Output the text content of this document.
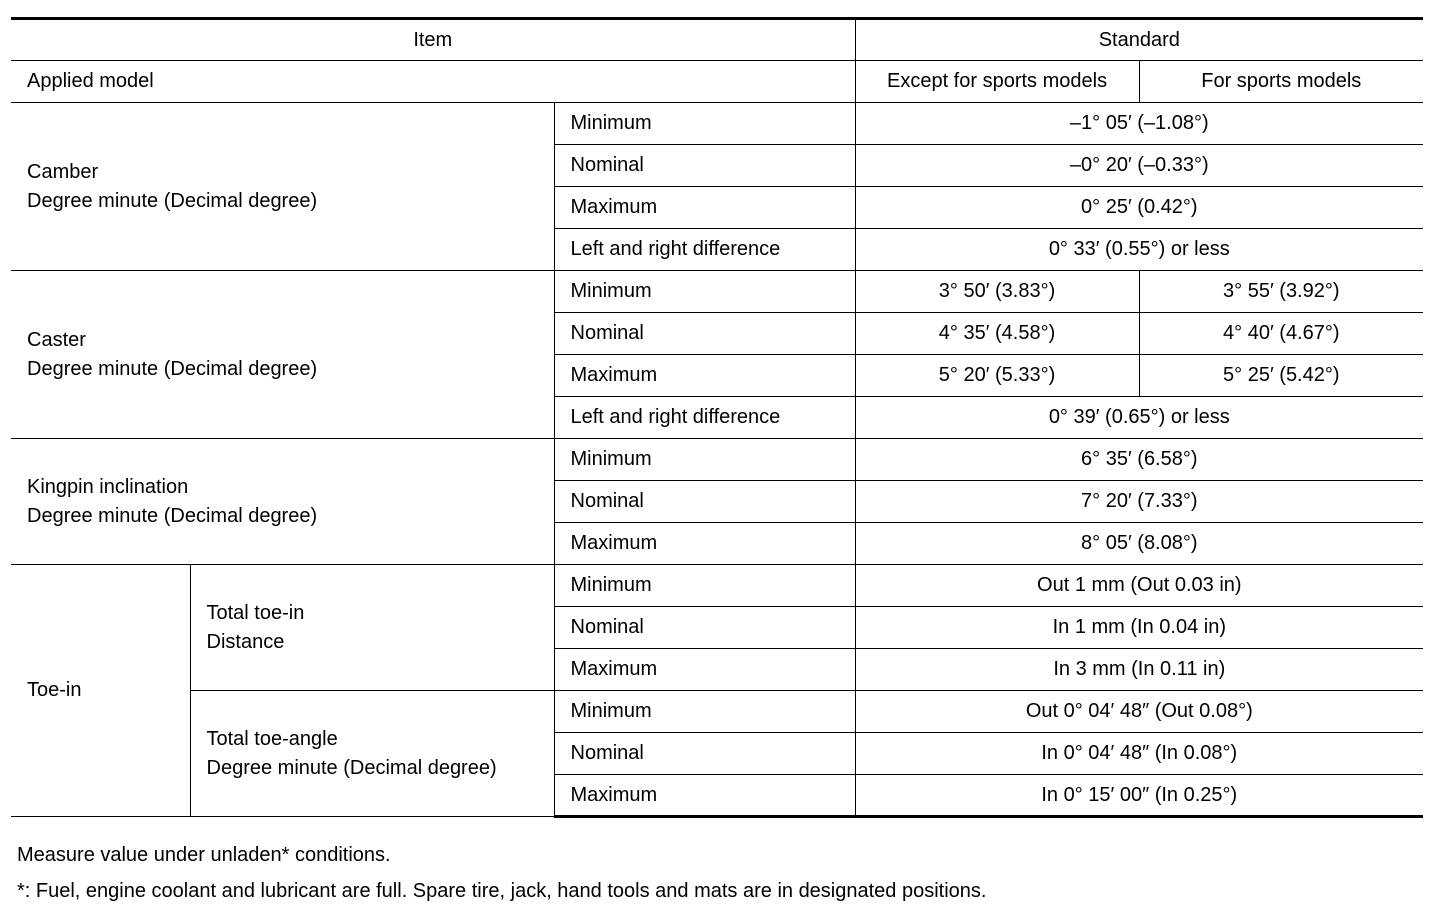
Item			Standard	
Applied model			Except for sports models	For sports models

Camber
Degree minute (Decimal degree)		Minimum	–1° 05′ (–1.08°)	
		Nominal	–0° 20′ (–0.33°)	
		Maximum	0° 25′ (0.42°)	
		Left and right difference	0° 33′ (0.55°) or less	

Caster
Degree minute (Decimal degree)		Minimum	3° 50′ (3.83°)	3° 55′ (3.92°)
		Nominal	4° 35′ (4.58°)	4° 40′ (4.67°)
		Maximum	5° 20′ (5.33°)	5° 25′ (5.42°)
		Left and right difference	0° 39′ (0.65°) or less	

Kingpin inclination
Degree minute (Decimal degree)		Minimum	6° 35′ (6.58°)	
		Nominal	7° 20′ (7.33°)	
		Maximum	8° 05′ (8.08°)	
Toe-in	Total toe-in
Distance	Minimum	Out 1 mm (Out 0.03 in)	
		Nominal	In 1 mm (In 0.04 in)	
		Maximum	In 3 mm (In 0.11 in)	

	Total toe-angle
Degree minute (Decimal degree)	Minimum	Out 0° 04′ 48″ (Out 0.08°)	
		Nominal	In 0° 04′ 48″ (In 0.08°)	
		Maximum	In 0° 15′ 00″ (In 0.25°)	
Measure value under unladen* conditions.
*: Fuel, engine coolant and lubricant are full. Spare tire, jack, hand tools and mats are in designated positions.
